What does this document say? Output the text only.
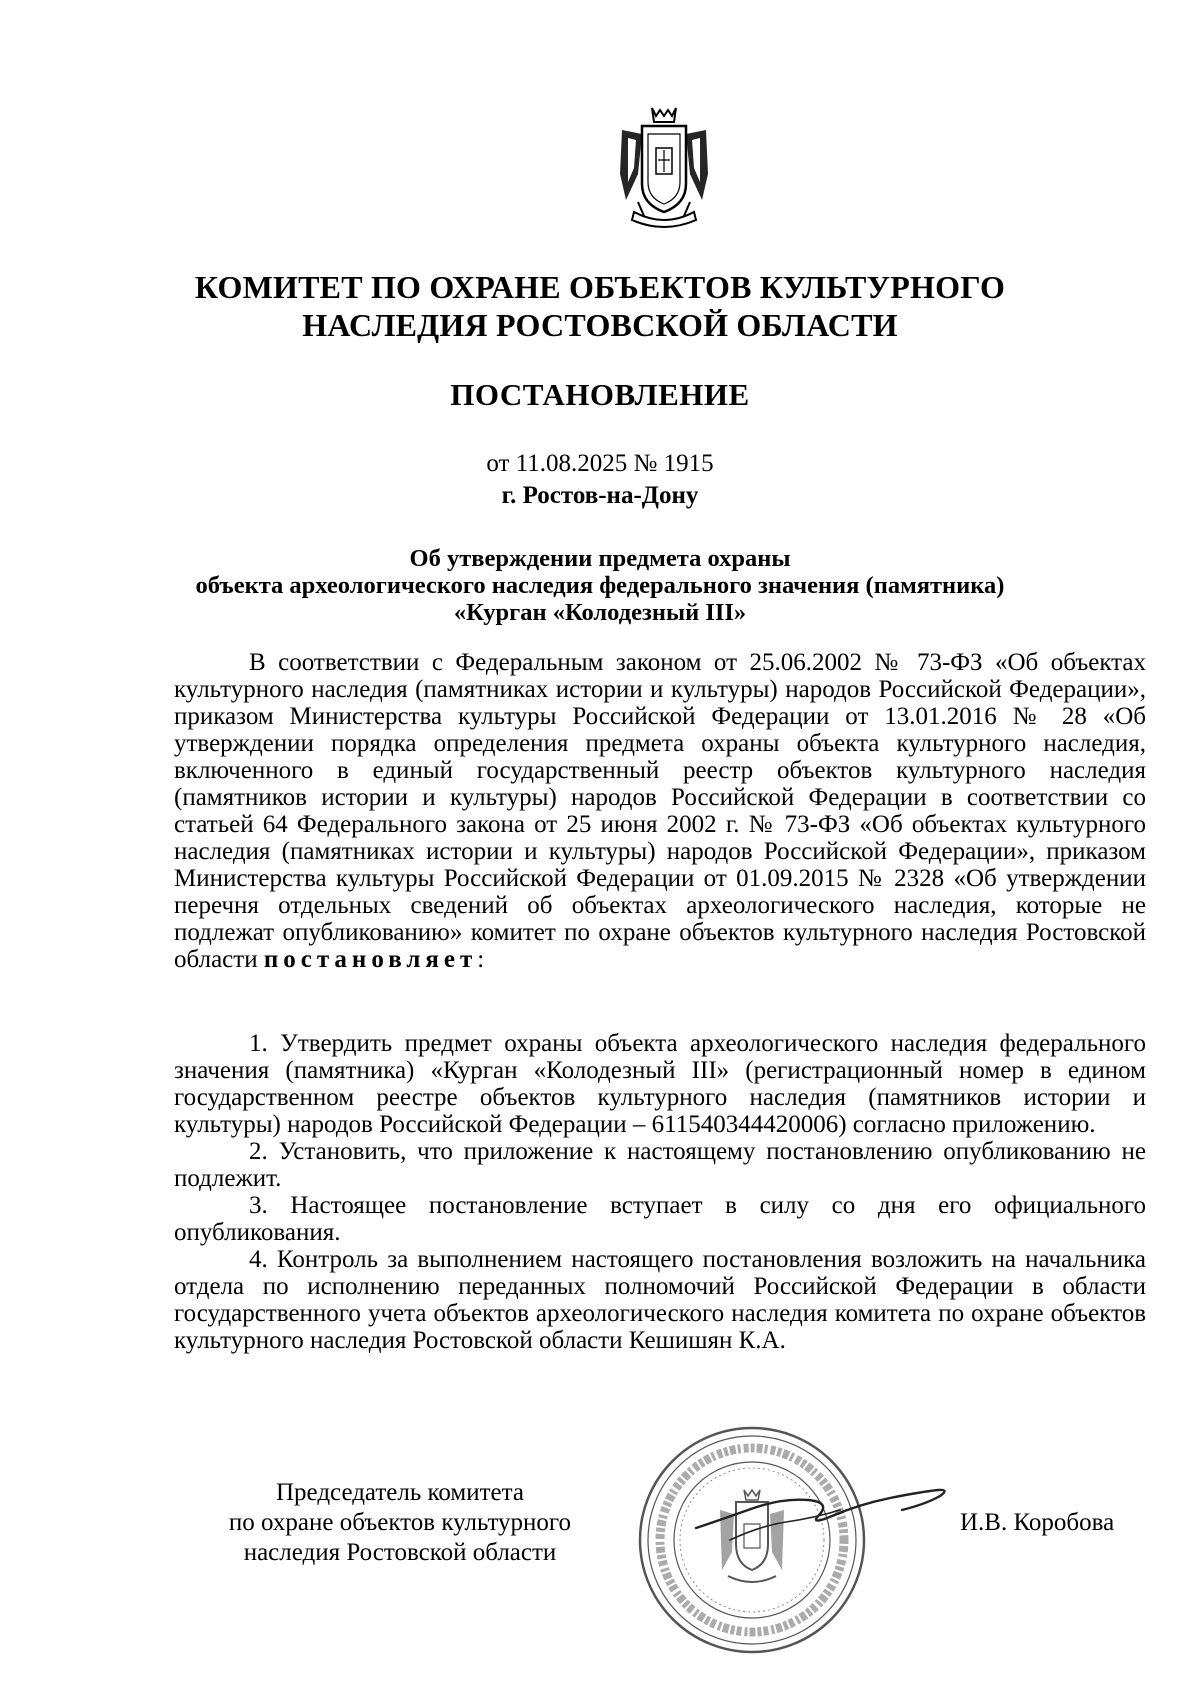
КОМИТЕТ ПО ОХРАНЕ ОБЪЕКТОВ КУЛЬТУРНОГО
НАСЛЕДИЯ РОСТОВСКОЙ ОБЛАСТИ
ПОСТАНОВЛЕНИЕ
от 11.08.2025 № 1915
г. Ростов-на-Дону
Об утверждении предмета охраны
объекта археологического наследия федерального значения (памятника)
«Курган «Колодезный III»

В соответствии с Федеральным законом от 25.06.2002 № 73-ФЗ «Об объектах культурного наследия (памятниках истории и культуры) народов Российской Федерации», приказом Министерства культуры Российской Федерации от 13.01.2016 № 28 «Об утверждении порядка определения предмета охраны объекта культурного наследия, включенного в единый государственный реестр объектов культурного наследия (памятников истории и культуры) народов Российской Федерации в соответствии со статьей 64 Федерального закона от 25 июня 2002 г. № 73-ФЗ «Об объектах культурного наследия (памятниках истории и культуры) народов Российской Федерации», приказом Министерства культуры Российской Федерации от 01.09.2015 № 2328 «Об утверждении перечня отдельных сведений об объектах археологического наследия, которые не подлежат опубликованию» комитет по охране объектов культурного наследия Ростовской области постановляет:

1. Утвердить предмет охраны объекта археологического наследия федерального значения (памятника) «Курган «Колодезный III» (регистрационный номер в едином государственном реестре объектов культурного наследия (памятников истории и культуры) народов Российской Федерации – 611540344420006) согласно приложению.

2. Установить, что приложение к настоящему постановлению опубликованию не подлежит.

3. Настоящее постановление вступает в силу со дня его официального опубликования.

4. Контроль за выполнением настоящего постановления возложить на начальника отдела по исполнению переданных полномочий Российской Федерации в области государственного учета объектов археологического наследия комитета по охране объектов культурного наследия Ростовской области Кешишян К.А.

Председатель комитета
по охране объектов культурного
наследия Ростовской области
И.В. Коробова
